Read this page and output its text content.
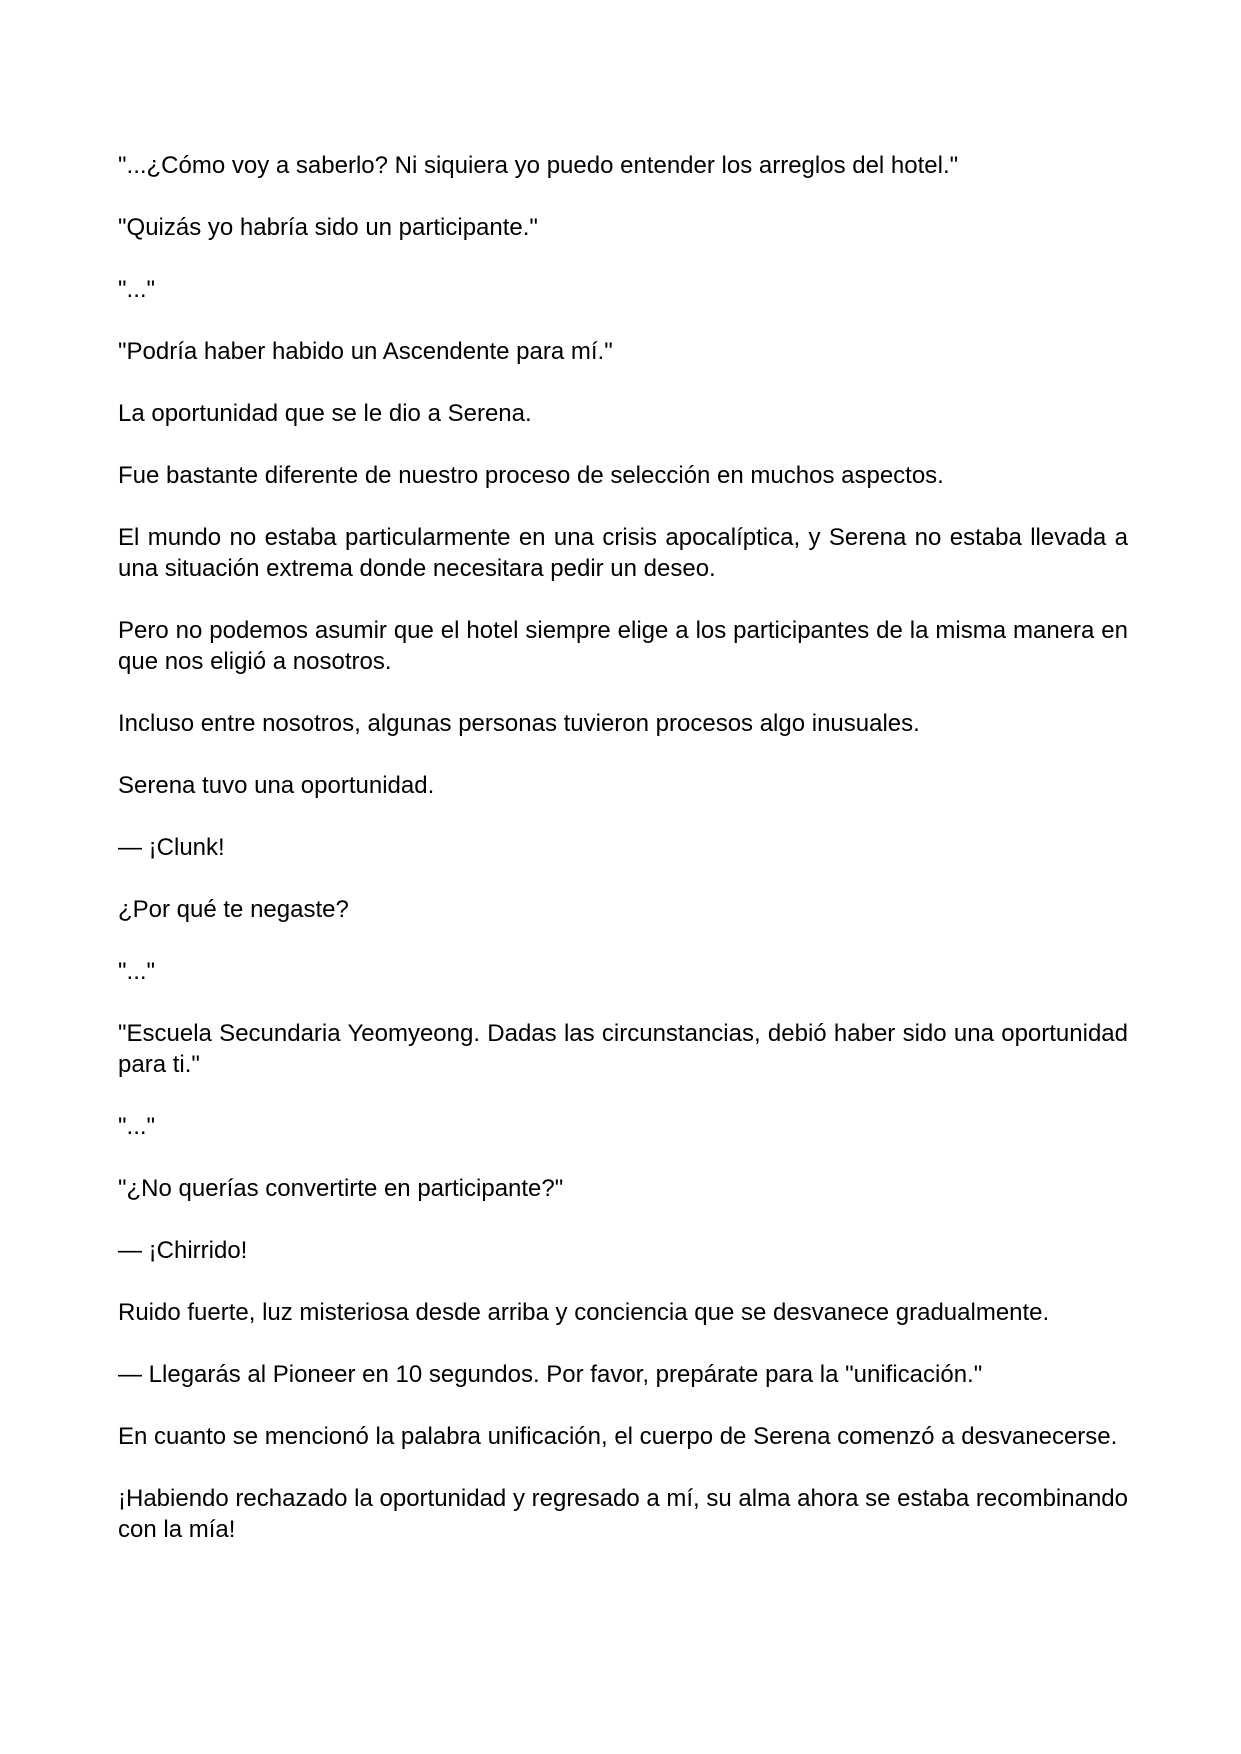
"...¿Cómo voy a saberlo? Ni siquiera yo puedo entender los arreglos del hotel."

"Quizás yo habría sido un participante."

"..."

"Podría haber habido un Ascendente para mí."

La oportunidad que se le dio a Serena.

Fue bastante diferente de nuestro proceso de selección en muchos aspectos.

El mundo no estaba particularmente en una crisis apocalíptica, y Serena no estaba llevada a una situación extrema donde necesitara pedir un deseo.

Pero no podemos asumir que el hotel siempre elige a los participantes de la misma manera en que nos eligió a nosotros.

Incluso entre nosotros, algunas personas tuvieron procesos algo inusuales.

Serena tuvo una oportunidad.

— ¡Clunk!

¿Por qué te negaste?

"..."

"Escuela Secundaria Yeomyeong. Dadas las circunstancias, debió haber sido una oportunidad para ti."

"..."

"¿No querías convertirte en participante?"

— ¡Chirrido!

Ruido fuerte, luz misteriosa desde arriba y conciencia que se desvanece gradualmente.

— Llegarás al Pioneer en 10 segundos. Por favor, prepárate para la "unificación."

En cuanto se mencionó la palabra unificación, el cuerpo de Serena comenzó a desvanecerse.

¡Habiendo rechazado la oportunidad y regresado a mí, su alma ahora se estaba recombinando con la mía!
